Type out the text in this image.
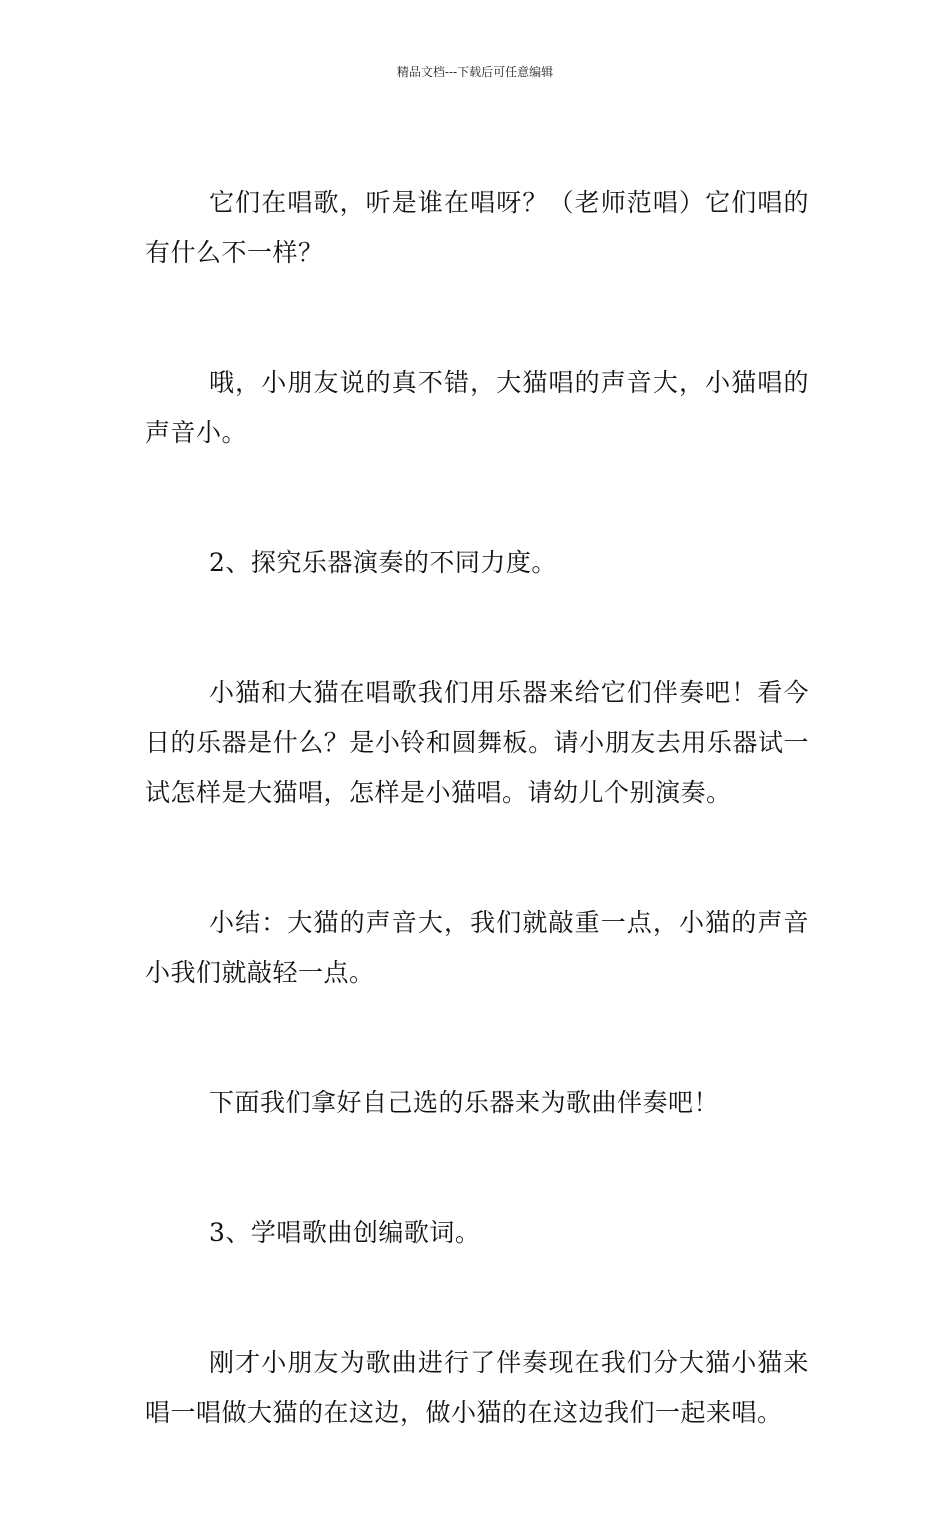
精品文档---下载后可任意编辑

它们在唱歌，听是谁在唱呀？（老师范唱）它们唱的有什么不一样？

哦，小朋友说的真不错，大猫唱的声音大，小猫唱的声音小。

2、探究乐器演奏的不同力度。

小猫和大猫在唱歌我们用乐器来给它们伴奏吧！看今日的乐器是什么？是小铃和圆舞板。请小朋友去用乐器试一试怎样是大猫唱，怎样是小猫唱。请幼儿个别演奏。

小结：大猫的声音大，我们就敲重一点，小猫的声音小我们就敲轻一点。

下面我们拿好自己选的乐器来为歌曲伴奏吧！

3、学唱歌曲创编歌词。

刚才小朋友为歌曲进行了伴奏现在我们分大猫小猫来唱一唱做大猫的在这边，做小猫的在这边我们一起来唱。
